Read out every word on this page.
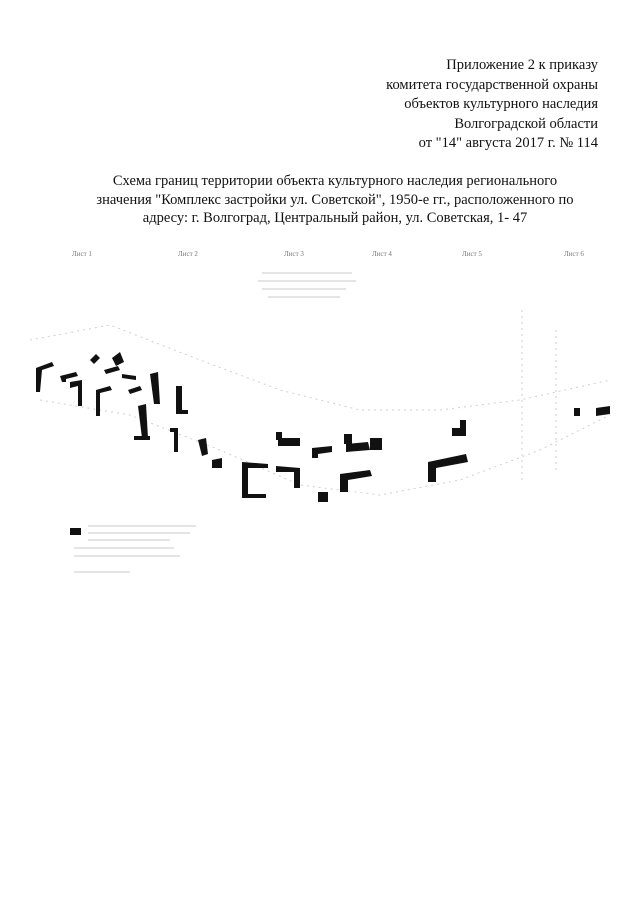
Приложение 2 к приказу
комитета государственной охраны
объектов культурного наследия
Волгоградской области
от "14" августа 2017 г. № 114
Схема границ территории объекта культурного наследия регионального
значения "Комплекс застройки ул. Советской", 1950-е гг., расположенного по
адресу: г. Волгоград, Центральный район, ул. Советская, 1- 47
Лист 1	Лист 2	Лист 3	Лист 4	Лист 5	Лист 6
